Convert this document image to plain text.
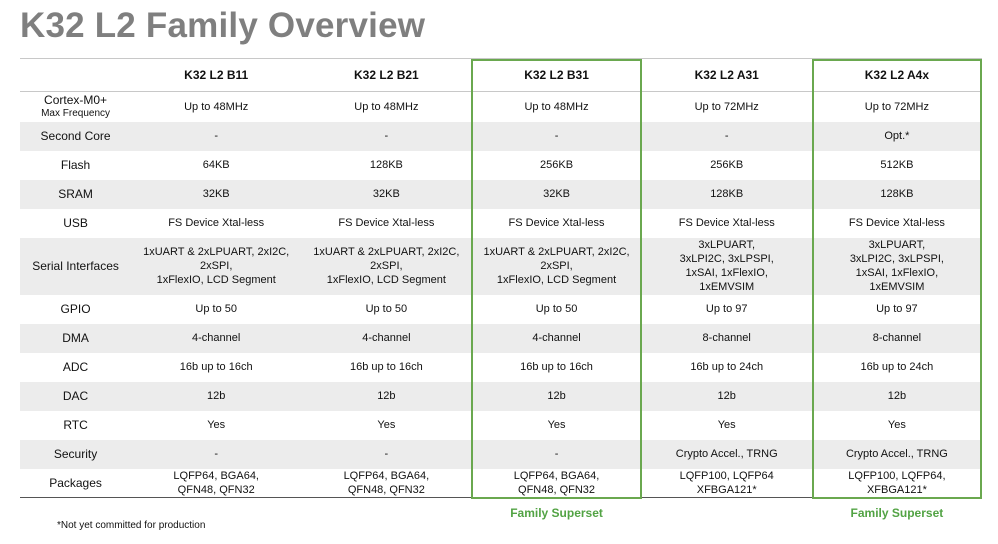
K32 L2 Family Overview
	K32 L2 B11	K32 L2 B21	K32 L2 B31	K32 L2 A31	K32 L2 A4x

Cortex-M0+
Max Frequency	Up to 48MHz	Up to 48MHz	Up to 48MHz	Up to 72MHz	Up to 72MHz

Second Core	-	-	-	-	Opt.*

Flash	64KB	128KB	256KB	256KB	512KB

SRAM	32KB	32KB	32KB	128KB	128KB

USB	FS Device Xtal-less	FS Device Xtal-less	FS Device Xtal-less	FS Device Xtal-less	FS Device Xtal-less

Serial Interfaces	1xUART & 2xLPUART, 2xI2C, 2xSPI,
1xFlexIO, LCD Segment	1xUART & 2xLPUART, 2xI2C, 2xSPI,
1xFlexIO, LCD Segment	1xUART & 2xLPUART, 2xI2C, 2xSPI,
1xFlexIO, LCD Segment	3xLPUART,
3xLPI2C, 3xLPSPI,
1xSAI, 1xFlexIO,
1xEMVSIM	3xLPUART,
3xLPI2C, 3xLPSPI,
1xSAI, 1xFlexIO,
1xEMVSIM

GPIO	Up to 50	Up to 50	Up to 50	Up to 97	Up to 97

DMA	4-channel	4-channel	4-channel	8-channel	8-channel

ADC	16b up to 16ch	16b up to 16ch	16b up to 16ch	16b up to 24ch	16b up to 24ch

DAC	12b	12b	12b	12b	12b

RTC	Yes	Yes	Yes	Yes	Yes

Security	-	-	-	Crypto Accel., TRNG	Crypto Accel., TRNG

Packages	LQFP64, BGA64,
QFN48, QFN32	LQFP64, BGA64,
QFN48, QFN32	LQFP64, BGA64,
QFN48, QFN32	LQFP100, LQFP64
XFBGA121*	LQFP100, LQFP64,
XFBGA121*
Family Superset	Family Superset
*Not yet committed for production
